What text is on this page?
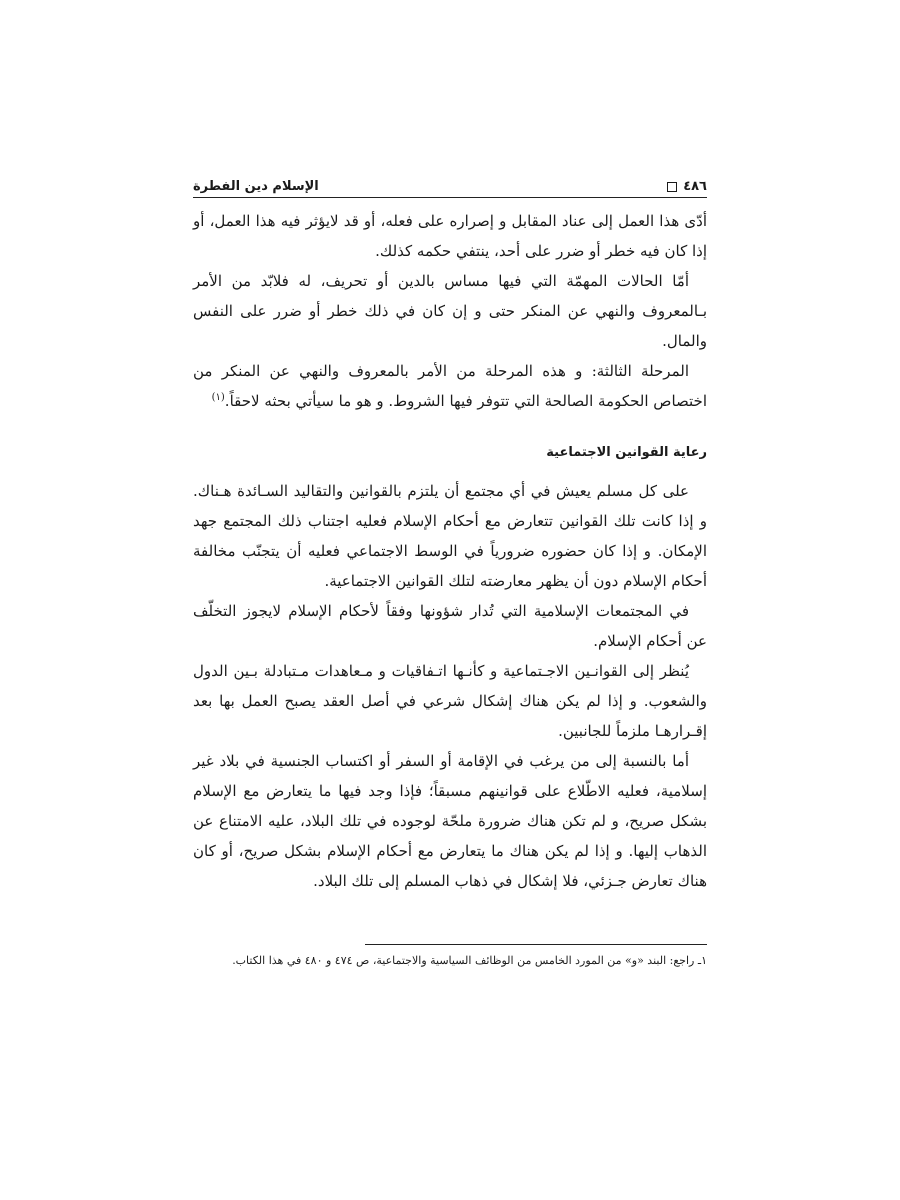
٤٨٦
الإسلام دين الفطرة

أدّى هذا العمل إلى عناد المقابل و إصراره على فعله، أو قد لايؤثر فيه هذا العمل، أو إذا كان فيه خطر أو ضرر على أحد، ينتفي حكمه كذلك.

أمّا الحالات المهمّة التي فيها مساس بالدين أو تحريف، له فلابّد من الأمر بـالمعروف والنهي عن المنكر حتى و إن كان في ذلك خطر أو ضرر على النفس والمال.

المرحلة الثالثة: و هذه المرحلة من الأمر بالمعروف والنهي عن المنكر من اختصاص الحكومة الصالحة التي تتوفر فيها الشروط. و هو ما سيأتي بحثه لاحقاً.$^{(١)}$

رعاية القوانين الاجتماعية

على كل مسلم يعيش في أي مجتمع أن يلتزم بالقوانين والتقاليد السـائدة هـناك. و إذا كانت تلك القوانين تتعارض مع أحكام الإسلام فعليه اجتناب ذلك المجتمع جهد الإمكان. و إذا كان حضوره ضرورياً في الوسط الاجتماعي فعليه أن يتجنّب مخالفة أحكام الإسلام دون أن يظهر معارضته لتلك القوانين الاجتماعية.

في المجتمعات الإسلامية التي تُدار شؤونها وفقاً لأحكام الإسلام لايجوز التخلّف عن أحكام الإسلام.

يُنظر إلى القوانـين الاجـتماعية و كأنـها اتـفاقيات و مـعاهدات مـتبادلة بـين الدول والشعوب. و إذا لم يكن هناك إشكال شرعي في أصل العقد يصبح العمل بها بعد إقـرارهـا ملزماً للجانبين.

أما بالنسبة إلى من يرغب في الإقامة أو السفر أو اكتساب الجنسية في بلاد غير إسلامية، فعليه الاطّلاع على قوانينهم مسبقاً؛ فإذا وجد فيها ما يتعارض مع الإسلام بشكل صريح، و لم تكن هناك ضرورة ملحّة لوجوده في تلك البلاد، عليه الامتناع عن الذهاب إليها. و إذا لم يكن هناك ما يتعارض مع أحكام الإسلام بشكل صريح، أو كان هناك تعارض جـزئي، فلا إشكال في ذهاب المسلم إلى تلك البلاد.

١ـ راجع: البند «و» من المورد الخامس من الوظائف السياسية والاجتماعية، ص ٤٧٤ و ٤٨٠ في هذا الكتاب.
